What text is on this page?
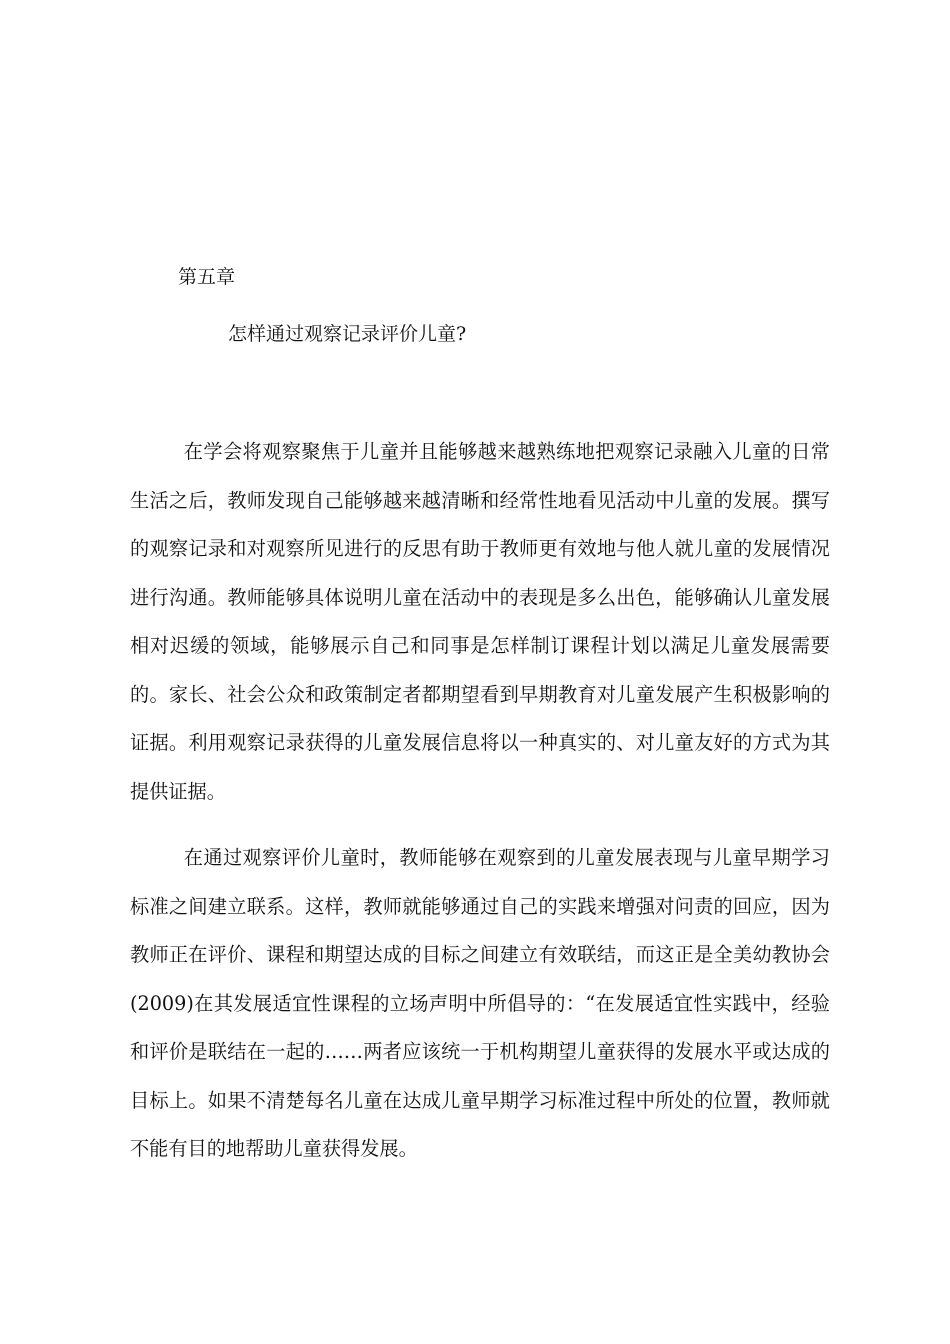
第五章
怎样通过观察记录评价儿童?

在学会将观察聚焦于儿童并且能够越来越熟练地把观察记录融入儿童的日常生活之后，教师发现自己能够越来越清晰和经常性地看见活动中儿童的发展。撰写的观察记录和对观察所见进行的反思有助于教师更有效地与他人就儿童的发展情况进行沟通。教师能够具体说明儿童在活动中的表现是多么出色，能够确认儿童发展相对迟缓的领域，能够展示自己和同事是怎样制订课程计划以满足儿童发展需要的。家长、社会公众和政策制定者都期望看到早期教育对儿童发展产生积极影响的证据。利用观察记录获得的儿童发展信息将以一种真实的、对儿童友好的方式为其提供证据。

在通过观察评价儿童时，教师能够在观察到的儿童发展表现与儿童早期学习标准之间建立联系。这样，教师就能够通过自己的实践来增强对问责的回应，因为教师正在评价、课程和期望达成的目标之间建立有效联结，而这正是全美幼教协会(2009)在其发展适宜性课程的立场声明中所倡导的：“在发展适宜性实践中，经验和评价是联结在一起的……两者应该统一于机构期望儿童获得的发展水平或达成的目标上。如果不清楚每名儿童在达成儿童早期学习标准过程中所处的位置，教师就不能有目的地帮助儿童获得发展。
